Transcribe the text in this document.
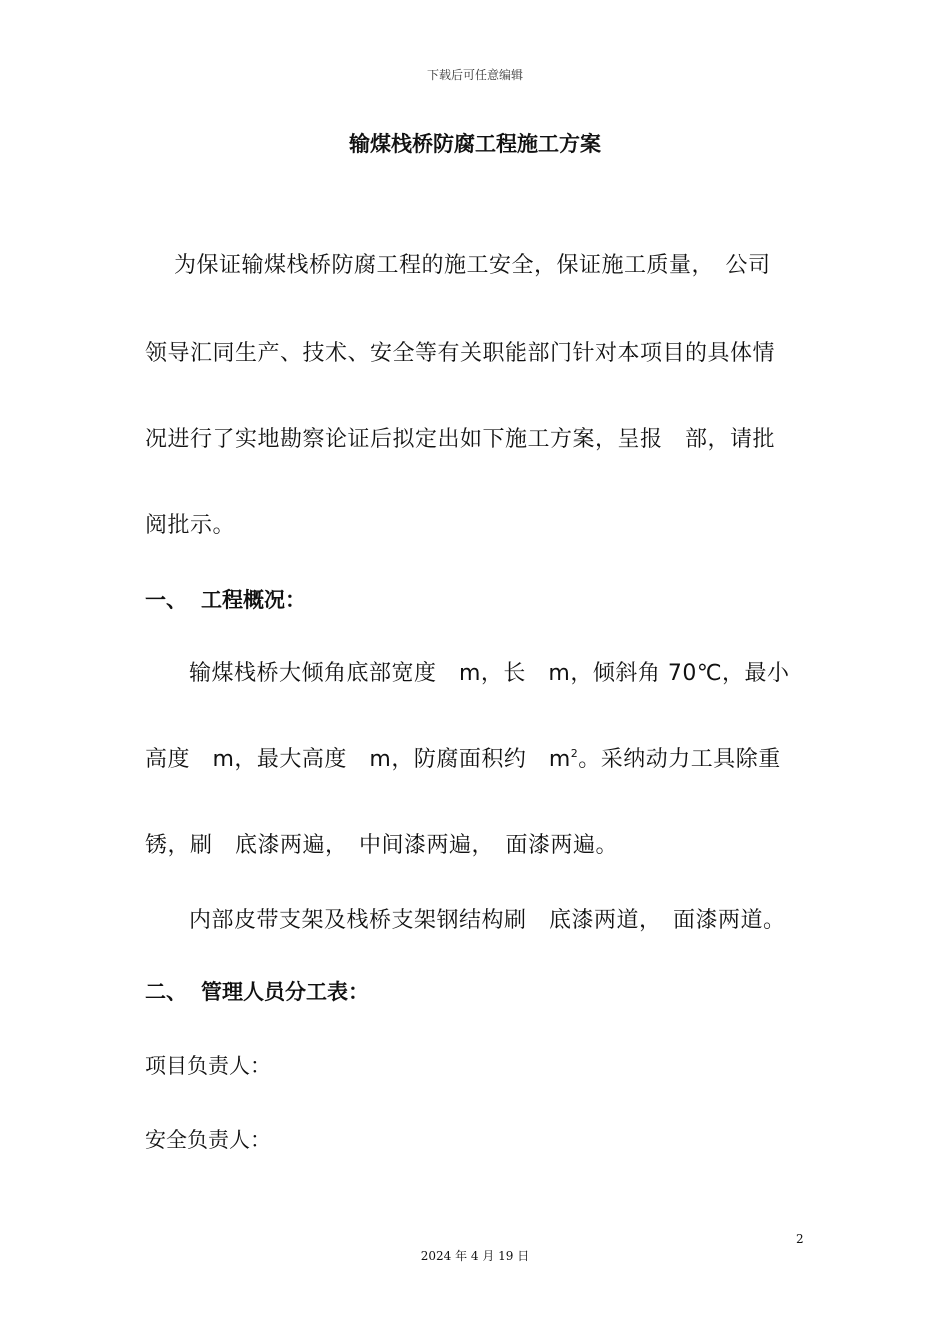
下载后可任意编辑
输煤栈桥防腐工程施工方案
为保证输煤栈桥防腐工程的施工安全，保证施工质量，　公司
领导汇同生产、技术、安全等有关职能部门针对本项目的具体情
况进行了实地勘察论证后拟定出如下施工方案，呈报　部，请批
阅批示。
一、 工程概况：
输煤栈桥大倾角底部宽度　m，长　m，倾斜角 70℃，最小
高度　m，最大高度　m，防腐面积约　$m^2$。采纳动力工具除重
锈，刷　底漆两遍，　中间漆两遍，　面漆两遍。
内部皮带支架及栈桥支架钢结构刷　底漆两道，　面漆两道。
二、 管理人员分工表：
项目负责人：
安全负责人：
2
2024 年 4 月 19 日
